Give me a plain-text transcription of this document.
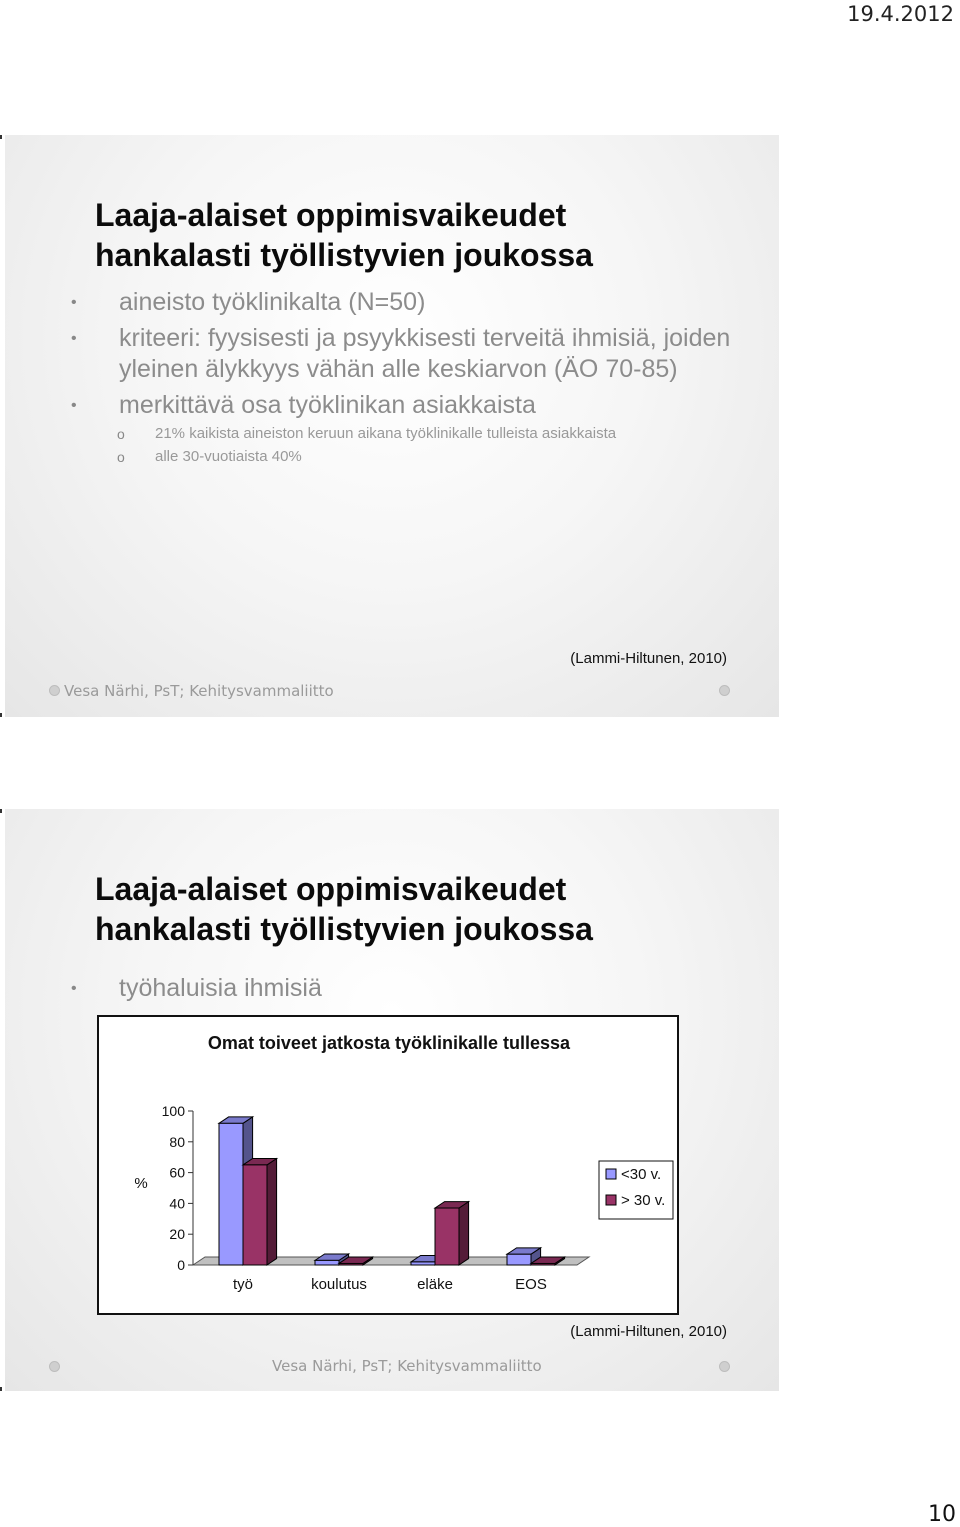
19.4.2012
Laaja-alaiset oppimisvaikeudet
hankalasti työllistyvien joukossa
• aineisto työklinikalta (N=50)
• kriteeri: fyysisesti ja psyykkisesti terveitä ihmisiä, joiden yleinen älykkyys vähän alle keskiarvon (ÄO 70-85)
• merkittävä osa työklinikan asiakkaista
o 21% kaikista aineiston keruun aikana työklinikalle tulleista asiakkaista
o alle 30-vuotiaista 40%
(Lammi-Hiltunen, 2010)
Vesa Närhi, PsT; Kehitysvammaliitto
Laaja-alaiset oppimisvaikeudet
hankalasti työllistyvien joukossa
• työhaluisia ihmisiä
Omat toiveet jatkosta työklinikalle tullessa
%
0
20
40
60
80
100
työ	koulutus	eläke	EOS
<30 v.
> 30 v.
(Lammi-Hiltunen, 2010)
Vesa Närhi, PsT; Kehitysvammaliitto
10
